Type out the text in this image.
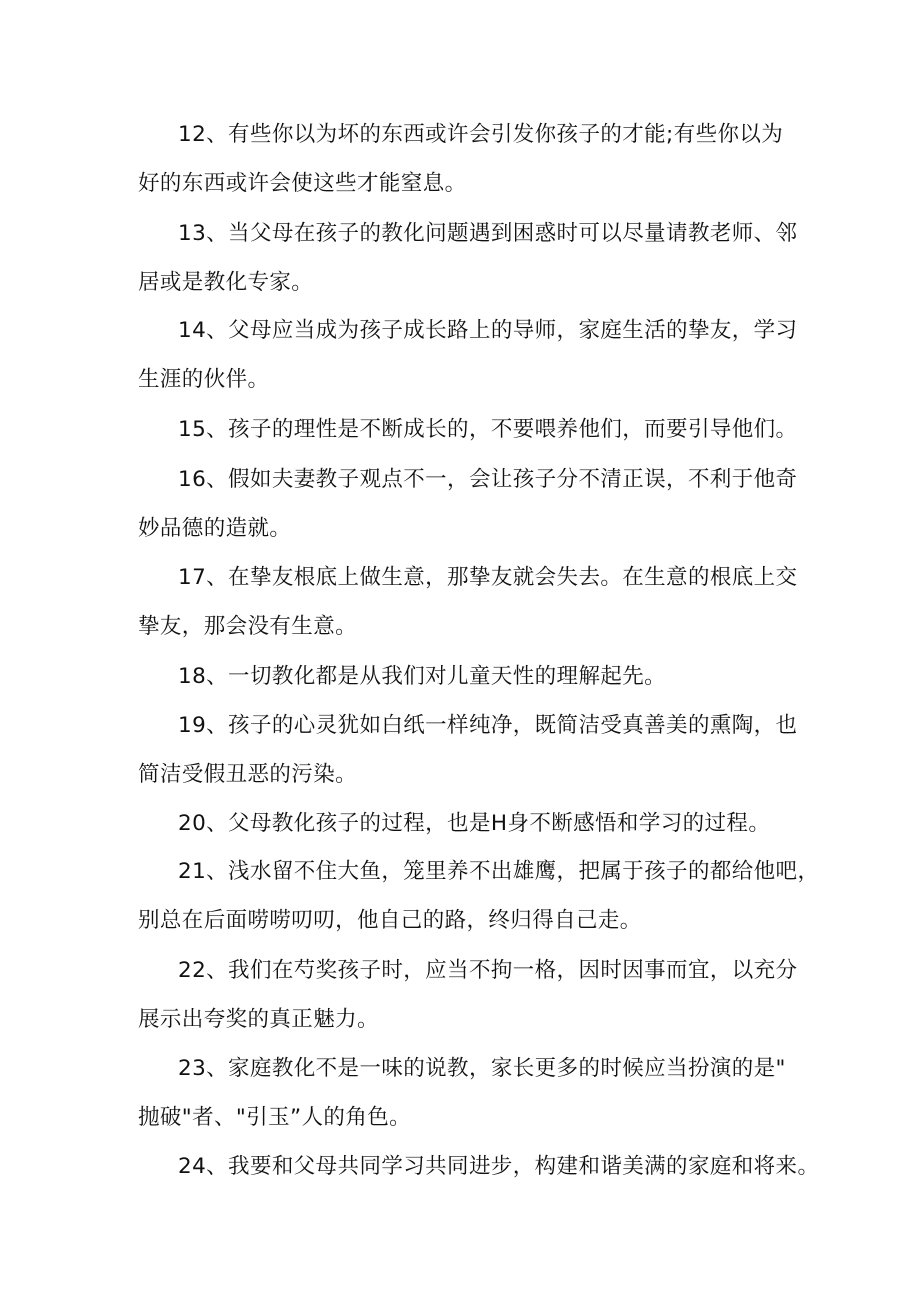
12、有些你以为坏的东西或许会引发你孩子的才能;有些你以为
好的东西或许会使这些才能窒息。
13、当父母在孩子的教化问题遇到困惑时可以尽量请教老师、邻
居或是教化专家。
14、父母应当成为孩子成长路上的导师，家庭生活的挚友，学习
生涯的伙伴。
15、孩子的理性是不断成长的，不要喂养他们，而要引导他们。
16、假如夫妻教子观点不一，会让孩子分不清正误，不利于他奇
妙品德的造就。
17、在挚友根底上做生意，那挚友就会失去。在生意的根底上交
挚友，那会没有生意。
18、一切教化都是从我们对儿童天性的理解起先。
19、孩子的心灵犹如白纸一样纯净，既简洁受真善美的熏陶，也
简洁受假丑恶的污染。
20、父母教化孩子的过程，也是H身不断感悟和学习的过程。
21、浅水留不住大鱼，笼里养不出雄鹰，把属于孩子的都给他吧，
别总在后面唠唠叨叨，他自己的路，终归得自己走。
22、我们在芍奖孩子时，应当不拘一格，因时因事而宜，以充分
展示出夸奖的真正魅力。
23、家庭教化不是一味的说教，家长更多的时候应当扮演的是"
抛破"者、"引玉”人的角色。
24、我要和父母共同学习共同进步，构建和谐美满的家庭和将来。
